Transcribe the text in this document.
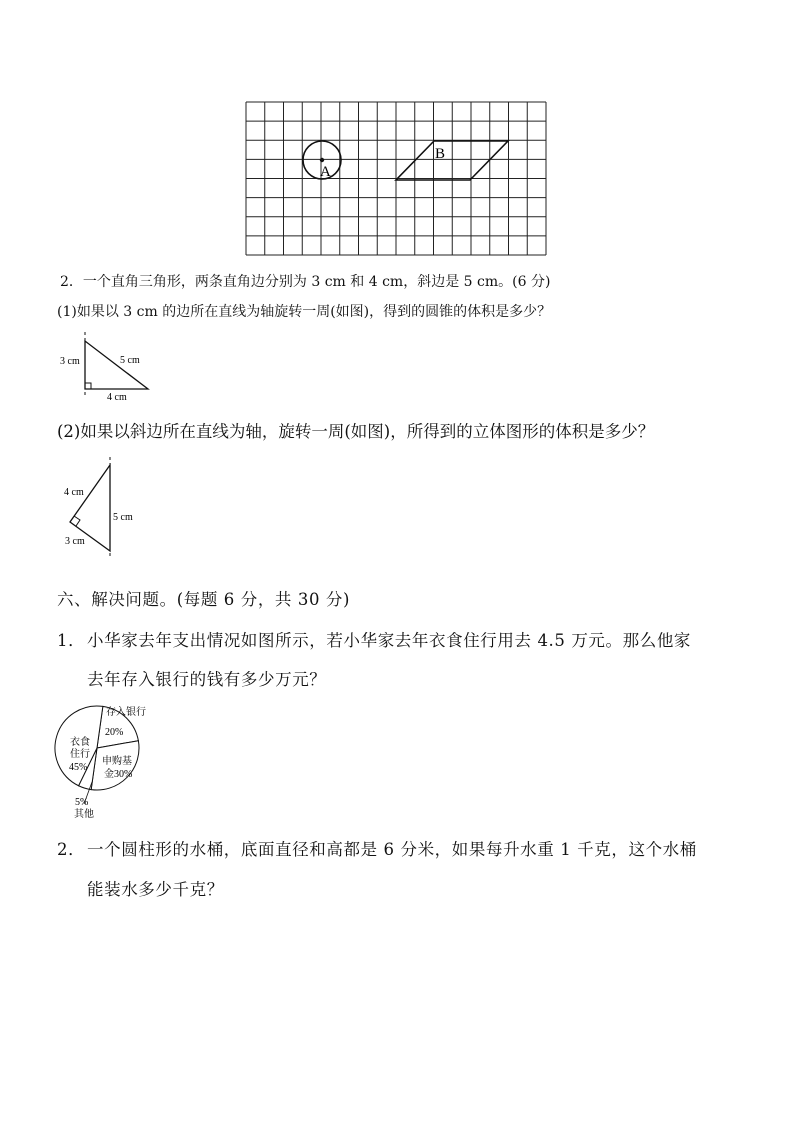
A
B
2．一个直角三角形，两条直角边分别为 3 cm 和 4 cm，斜边是 5 cm。(6 分)
(1)如果以 3 cm 的边所在直线为轴旋转一周(如图)，得到的圆锥的体积是多少？
3 cm	5 cm
4 cm
(2)如果以斜边所在直线为轴，旋转一周(如图)，所得到的立体图形的体积是多少？
4 cm
5 cm
3 cm
六、解决问题。(每题 6 分，共 30 分)
1． 小华家去年支出情况如图所示，若小华家去年衣食住行用去 4.5 万元。那么他家
去年存入银行的钱有多少万元？
存入银行
20%
申购基
金30%
衣食
住行
45%
5%
其他
2． 一个圆柱形的水桶，底面直径和高都是 6 分米，如果每升水重 1 千克，这个水桶
能装水多少千克？
